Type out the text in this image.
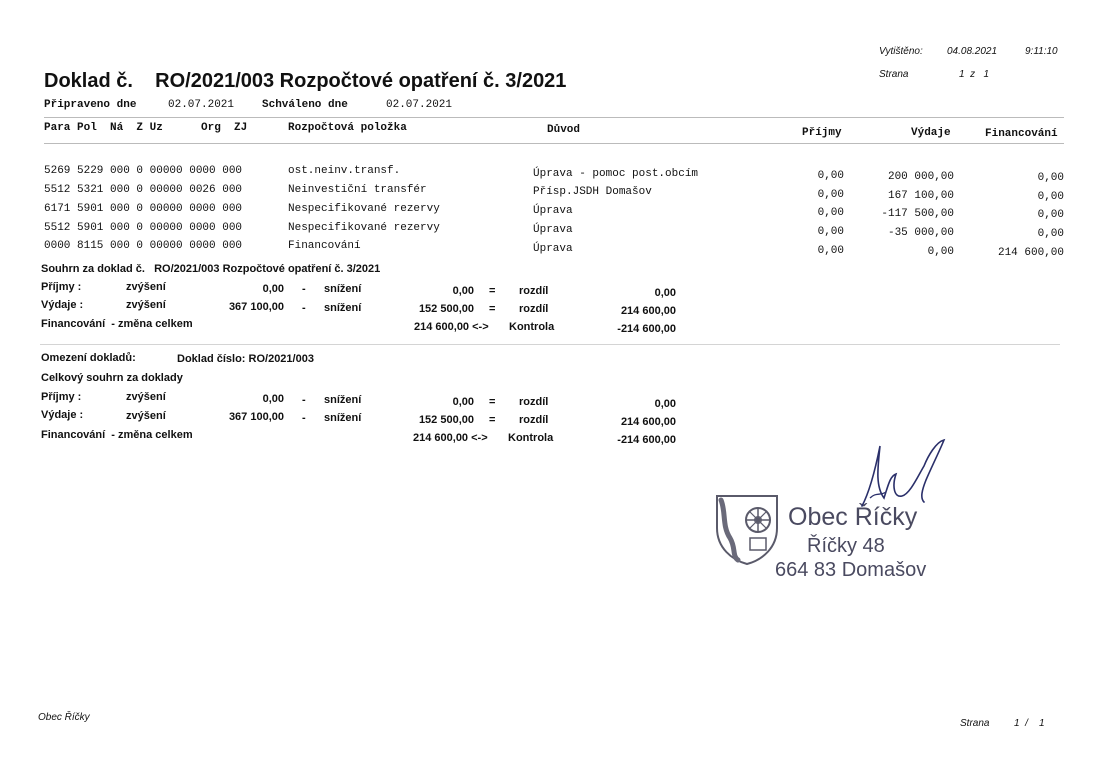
Vytištěno: 04.08.2021	9:11:10
Strana	1  z   1
Doklad č.    RO/2021/003 Rozpočtové opatření č. 3/2021
Připraveno dne	02.07.2021	Schváleno dne	02.07.2021
Para Pol  Ná  Z Uz	Org  ZJ	Rozpočtová položka	Důvod	Příjmy	Výdaje	Financování
5269 5229 000 0 00000 0000 000	ost.neinv.transf.	Úprava - pomoc post.obcím	0,00	200 000,00	0,00
5512 5321 000 0 00000 0026 000	Neinvestiční transfér	Přísp.JSDH Domašov	0,00	167 100,00	0,00
6171 5901 000 0 00000 0000 000	Nespecifikované rezervy	Úprava	0,00	-117 500,00	0,00
5512 5901 000 0 00000 0000 000	Nespecifikované rezervy	Úprava	0,00	-35 000,00	0,00
0000 8115 000 0 00000 0000 000	Financování	Úprava	0,00	0,00	214 600,00
Souhrn za doklad č.   RO/2021/003 Rozpočtové opatření č. 3/2021
Příjmy :	zvýšení	0,00 - snížení	0,00 = rozdíl	0,00
Výdaje :	zvýšení	367 100,00 - snížení	152 500,00 = rozdíl	214 600,00
Financování  - změna celkem	214 600,00 <-> Kontrola	-214 600,00
Omezení dokladů:	Doklad číslo: RO/2021/003
Celkový souhrn za doklady
Příjmy :	zvýšení	0,00 - snížení	0,00 = rozdíl	0,00
Výdaje :	zvýšení	367 100,00 - snížení	152 500,00 = rozdíl	214 600,00
Financování  - změna celkem	214 600,00 <-> Kontrola	-214 600,00
Obec Říčky
Říčky 48
664 83 Domašov
Obec Říčky
Strana 1  /    1
